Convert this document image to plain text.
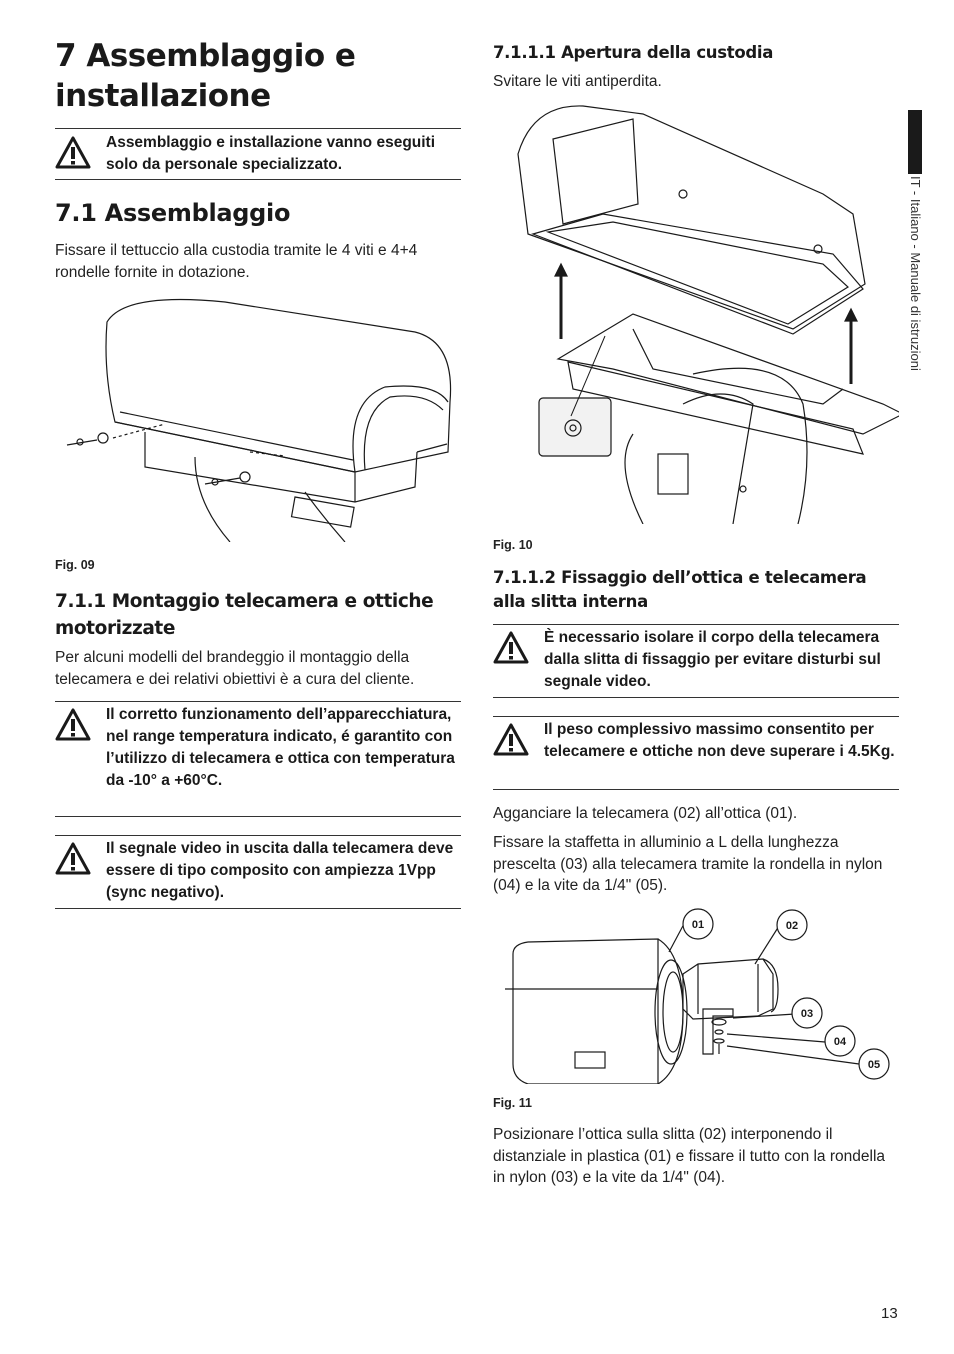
7 Assemblaggio e installazione
Assemblaggio e installazione vanno eseguiti solo da personale specializzato.
7.1 Assemblaggio

Fissare il tettuccio alla custodia tramite le 4 viti e 4+4 rondelle fornite in dotazione.

Fig. 09
7.1.1 Montaggio telecamera e ottiche motorizzate

Per alcuni modelli del brandeggio il montaggio della telecamera e dei relativi obiettivi è a cura del cliente.

Il corretto funzionamento dell’apparecchiatura, nel range temperatura indicato, é garantito con l’utilizzo di telecamera e ottica con temperatura da -10° a +60°C.
Il segnale video in uscita dalla telecamera deve essere di tipo composito con ampiezza 1Vpp (sync negativo).
7.1.1.1 Apertura della custodia

Svitare le viti antiperdita.

Fig. 10
7.1.1.2 Fissaggio dell’ottica e telecamera alla slitta interna
È necessario isolare il corpo della telecamera dalla slitta di fissaggio per evitare disturbi sul segnale video.
Il peso complessivo massimo consentito per telecamere e ottiche non deve superare i 4.5Kg.

Agganciare la telecamera (02) all’ottica (01).

Fissare la staffetta in alluminio a L della lunghezza prescelta (03) alla telecamera tramite la rondella in nylon (04) e la vite da 1/4" (05).

01	02
03
04
05
Fig. 11

Posizionare l’ottica sulla slitta (02) interponendo il distanziale in plastica (01) e fissare il tutto con la rondella in nylon (03) e la vite da 1/4" (04).

IT - Italiano - Manuale di istruzioni
13
